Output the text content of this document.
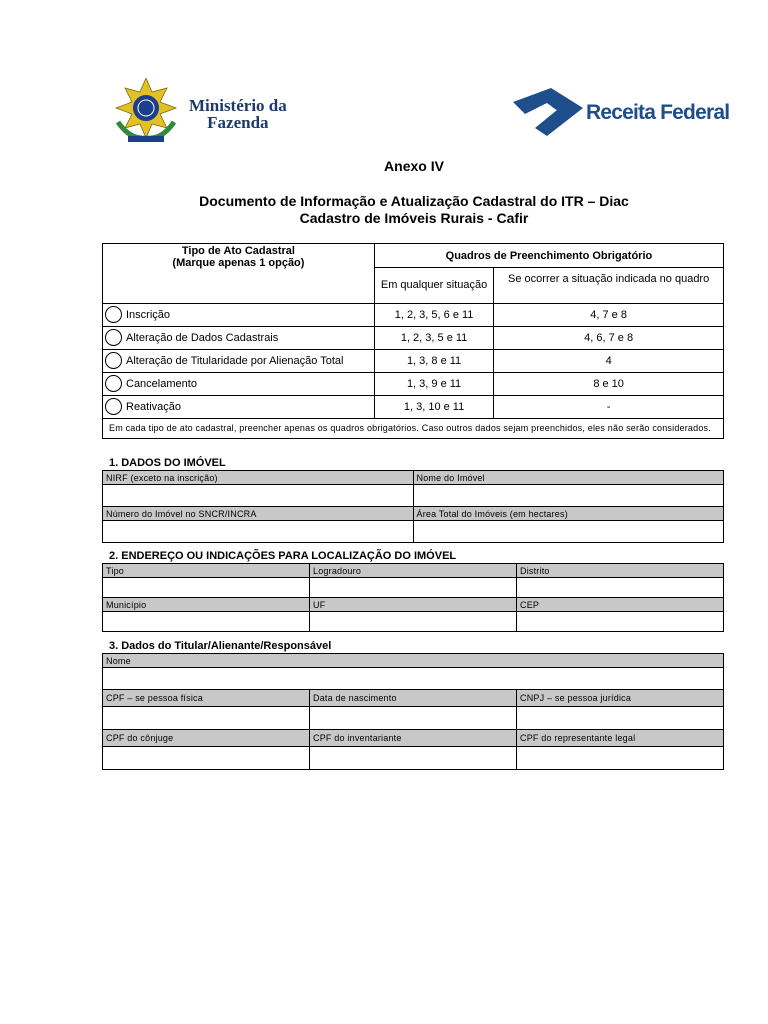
Ministério da
Fazenda	Receita Federal
Anexo IV
Documento de Informação e Atualização Cadastral do ITR – Diac
Cadastro de Imóveis Rurais - Cafir
Tipo de Ato Cadastral
(Marque apenas 1 opção)	Quadros de Preenchimento Obrigatório	
	Em qualquer situação	Se ocorrer a situação indicada no quadro

Inscrição	1, 2, 3, 5, 6 e 11	4, 7 e 8

Alteração de Dados Cadastrais	1, 2, 3, 5 e 11	4, 6, 7 e 8

Alteração de Titularidade por Alienação Total	1, 3, 8 e 11	4

Cancelamento	1, 3, 9 e 11	8 e 10

Reativação	1, 3, 10 e 11	-
Em cada tipo de ato cadastral, preencher apenas os quadros obrigatórios. Caso outros dados sejam preenchidos, eles não serão considerados.		
1. DADOS DO IMÓVEL
NIRF (exceto na inscrição)	Nome do Imóvel

Número do Imóvel no SNCR/INCRA	Área Total do Imóveis (em hectares)

2. ENDEREÇO OU INDICAÇÕES PARA LOCALIZAÇÃO DO IMÓVEL
Tipo	Logradouro	Distrito

Município	UF	CEP

3. Dados do Titular/Alienante/Responsável
Nome		

CPF – se pessoa física	Data de nascimento	CNPJ – se pessoa jurídica

CPF do cônjuge	CPF do inventariante	CPF do representante legal
